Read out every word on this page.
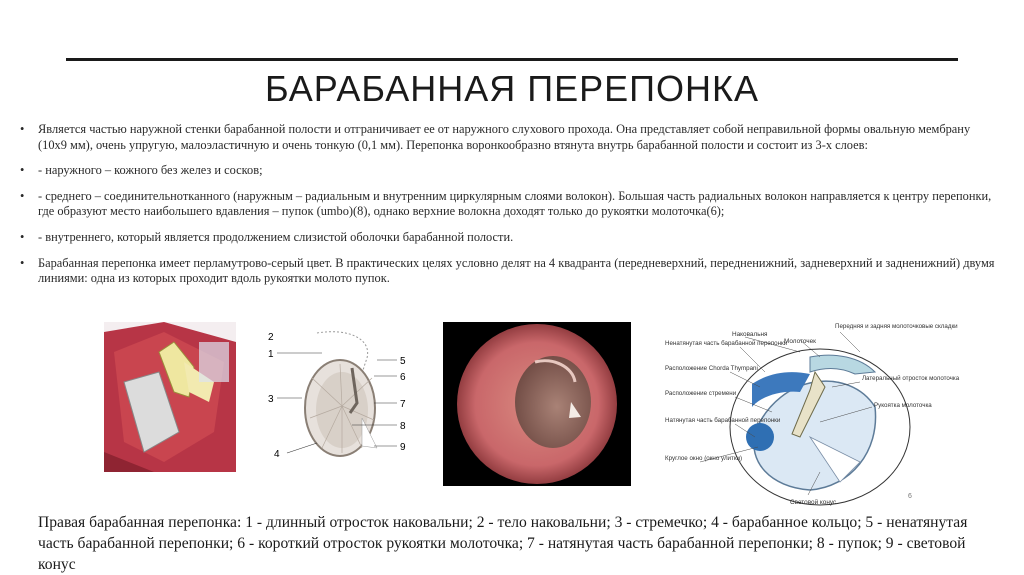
БАРАБАННАЯ ПЕРЕПОНКА
• Является частью наружной стенки барабанной полости и отграничивает ее от наружного слухового прохода. Она представляет собой неправильной формы овальную мембрану (10х9 мм), очень упругую, малоэластичную и очень тонкую (0,1 мм). Перепонка воронкообразно втянута внутрь барабанной полости и состоит из 3-х слоев:
• - наружного – кожного без желез и сосков;
• - среднего – соединительнотканного (наружным – радиальным и внутренним циркулярным слоями волокон). Большая часть радиальных волокон направляется к центру перепонки, где образуют место наибольшего вдавления – пупок (umbo)(8), однако верхние волокна доходят только до рукоятки молоточка(6);
• - внутреннего, который является продолжением слизистой оболочки барабанной полости.
• Барабанная перепонка имеет перламутрово-серый цвет. В практических целях условно делят на 4 квадранта (передневерхний, передненижний, задневерхний и задненижний) двумя линиями: одна из которых проходит вдоль рукоятки молото пупок.
1
3
4
2
5
6
7
8
9
Наковальня
Молоточек
Передняя и задняя молоточковые складки
Ненатянутая часть барабанной перепонки
Расположение Chorda Thympani
Расположение стремени
Натянутая часть барабанной перепонки
Круглое окно (окно улитки)
Латеральный отросток молоточка
Рукоятка молоточка
Световой конус
6
Правая барабанная перепонка: 1 - длинный отросток наковальни; 2 - тело наковальни; 3 - стремечко; 4 - барабанное кольцо; 5 - ненатянутая часть барабанной перепонки; 6 - короткий отросток рукоятки молоточка; 7 - натянутая часть барабанной перепонки; 8 - пупок; 9 - световой конус
